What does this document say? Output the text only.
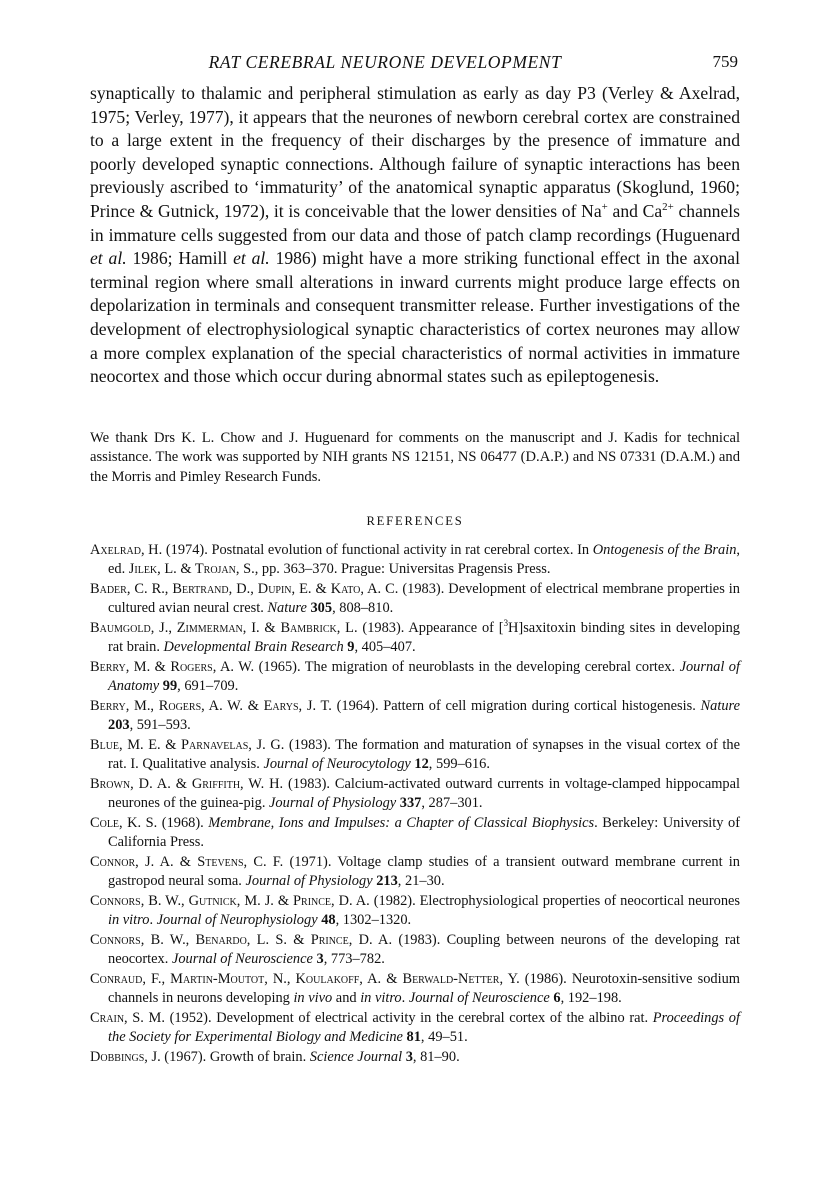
RAT CEREBRAL NEURONE DEVELOPMENT	759

synaptically to thalamic and peripheral stimulation as early as day P3 (Verley & Axelrad, 1975; Verley, 1977), it appears that the neurones of newborn cerebral cortex are constrained to a large extent in the frequency of their discharges by the presence of immature and poorly developed synaptic connections. Although failure of synaptic interactions has been previously ascribed to ‘immaturity’ of the anatomical synaptic apparatus (Skoglund, 1960; Prince & Gutnick, 1972), it is conceivable that the lower densities of Na+ and $Ca^{2+}$ channels in immature cells suggested from our data and those of patch clamp recordings (Huguenard et al. 1986; Hamill et al. 1986) might have a more striking functional effect in the axonal terminal region where small alterations in inward currents might produce large effects on depolarization in terminals and consequent transmitter release. Further investigations of the development of electrophysiological synaptic characteristics of cortex neurones may allow a more complex explanation of the special characteristics of normal activities in immature neocortex and those which occur during abnormal states such as epileptogenesis.

We thank Drs K. L. Chow and J. Huguenard for comments on the manuscript and J. Kadis for technical assistance. The work was supported by NIH grants NS 12151, NS 06477 (D.A.P.) and NS 07331 (D.A.M.) and the Morris and Pimley Research Funds.

REFERENCES
Axelrad, H. (1974). Postnatal evolution of functional activity in rat cerebral cortex. In Ontogenesis of the Brain, ed. Jilek, L. & Trojan, S., pp. 363–370. Prague: Universitas Pragensis Press.
Bader, C. R., Bertrand, D., Dupin, E. & Kato, A. C. (1983). Development of electrical membrane properties in cultured avian neural crest. Nature 305, 808–810.
Baumgold, J., Zimmerman, I. & Bambrick, L. (1983). Appearance of [$^3$H]saxitoxin binding sites in developing rat brain. Developmental Brain Research 9, 405–407.
Berry, M. & Rogers, A. W. (1965). The migration of neuroblasts in the developing cerebral cortex. Journal of Anatomy 99, 691–709.
Berry, M., Rogers, A. W. & Earys, J. T. (1964). Pattern of cell migration during cortical histogenesis. Nature 203, 591–593.
Blue, M. E. & Parnavelas, J. G. (1983). The formation and maturation of synapses in the visual cortex of the rat. I. Qualitative analysis. Journal of Neurocytology 12, 599–616.
Brown, D. A. & Griffith, W. H. (1983). Calcium-activated outward currents in voltage-clamped hippocampal neurones of the guinea-pig. Journal of Physiology 337, 287–301.
Cole, K. S. (1968). Membrane, Ions and Impulses: a Chapter of Classical Biophysics. Berkeley: University of California Press.
Connor, J. A. & Stevens, C. F. (1971). Voltage clamp studies of a transient outward membrane current in gastropod neural soma. Journal of Physiology 213, 21–30.
Connors, B. W., Gutnick, M. J. & Prince, D. A. (1982). Electrophysiological properties of neocortical neurones in vitro. Journal of Neurophysiology 48, 1302–1320.
Connors, B. W., Benardo, L. S. & Prince, D. A. (1983). Coupling between neurons of the developing rat neocortex. Journal of Neuroscience 3, 773–782.
Conraud, F., Martin-Moutot, N., Koulakoff, A. & Berwald-Netter, Y. (1986). Neurotoxin-sensitive sodium channels in neurons developing in vivo and in vitro. Journal of Neuroscience 6, 192–198.
Crain, S. M. (1952). Development of electrical activity in the cerebral cortex of the albino rat. Proceedings of the Society for Experimental Biology and Medicine 81, 49–51.
Dobbings, J. (1967). Growth of brain. Science Journal 3, 81–90.
